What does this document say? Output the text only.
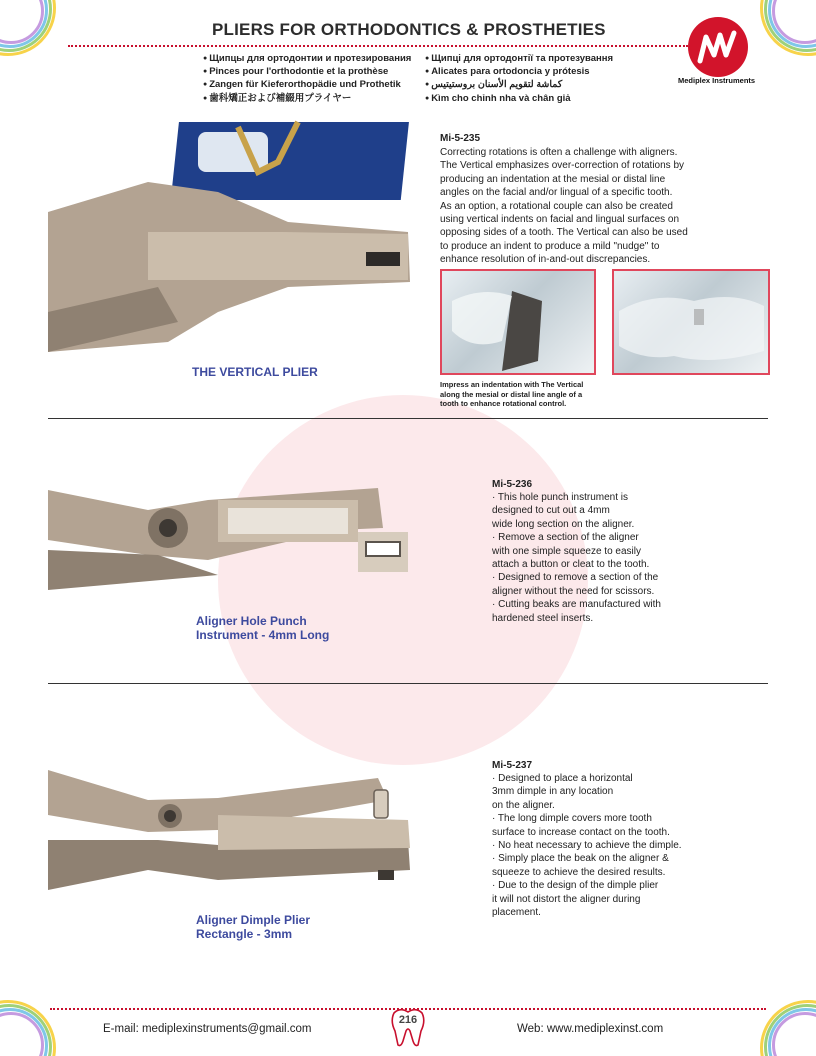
PLIERS FOR ORTHODONTICS & PROSTHETIES
● Щипцы для ортодонтии и протезирования
● Pinces pour l'orthodontie et la prothèse
● Zangen für Kieferorthopädie und Prothetik
● 歯科矯正および補綴用プライヤー
● Щипці для ортодонтії та протезування
● Alicates para ortodoncia y prótesis
● كماشة لتقويم الأسنان بروستيتيس
● Kìm cho chỉnh nha và chân giả
Mediplex Instruments
THE VERTICAL PLIER
Mi-5-235
Correcting rotations is often a challenge with aligners.
The Vertical emphasizes over-correction of rotations by
producing an indentation at the mesial or distal line
angles on the facial and/or lingual of a specific tooth.
As an option, a rotational couple can also be created
using vertical indents on facial and lingual surfaces on
opposing sides of a tooth. The Vertical can also be used
to produce an indent to produce a mild "nudge" to
enhance resolution of in-and-out discrepancies.
Impress an indentation with The Vertical
along the mesial or distal line angle of a
tooth to enhance rotational control.
Aligner Hole Punch
Instrument - 4mm Long
Mi-5-236
· This hole punch instrument is
designed to cut out a 4mm
wide long section on the aligner.
· Remove a section of the aligner
with one simple squeeze to easily
attach a button or cleat to the tooth.
· Designed to remove a section of the
aligner without the need for scissors.
· Cutting beaks are manufactured with
hardened steel inserts.
Aligner Dimple Plier
Rectangle - 3mm
Mi-5-237
· Designed to place a horizontal
3mm dimple in any location
on the aligner.
· The long dimple covers more tooth
surface to increase contact on the tooth.
· No heat necessary to achieve the dimple.
· Simply place the beak on the aligner &
squeeze to achieve the desired results.
· Due to the design of the dimple plier
it will not distort the aligner during
placement.
E-mail: mediplexinstruments@gmail.com
216
Web: www.mediplexinst.com
